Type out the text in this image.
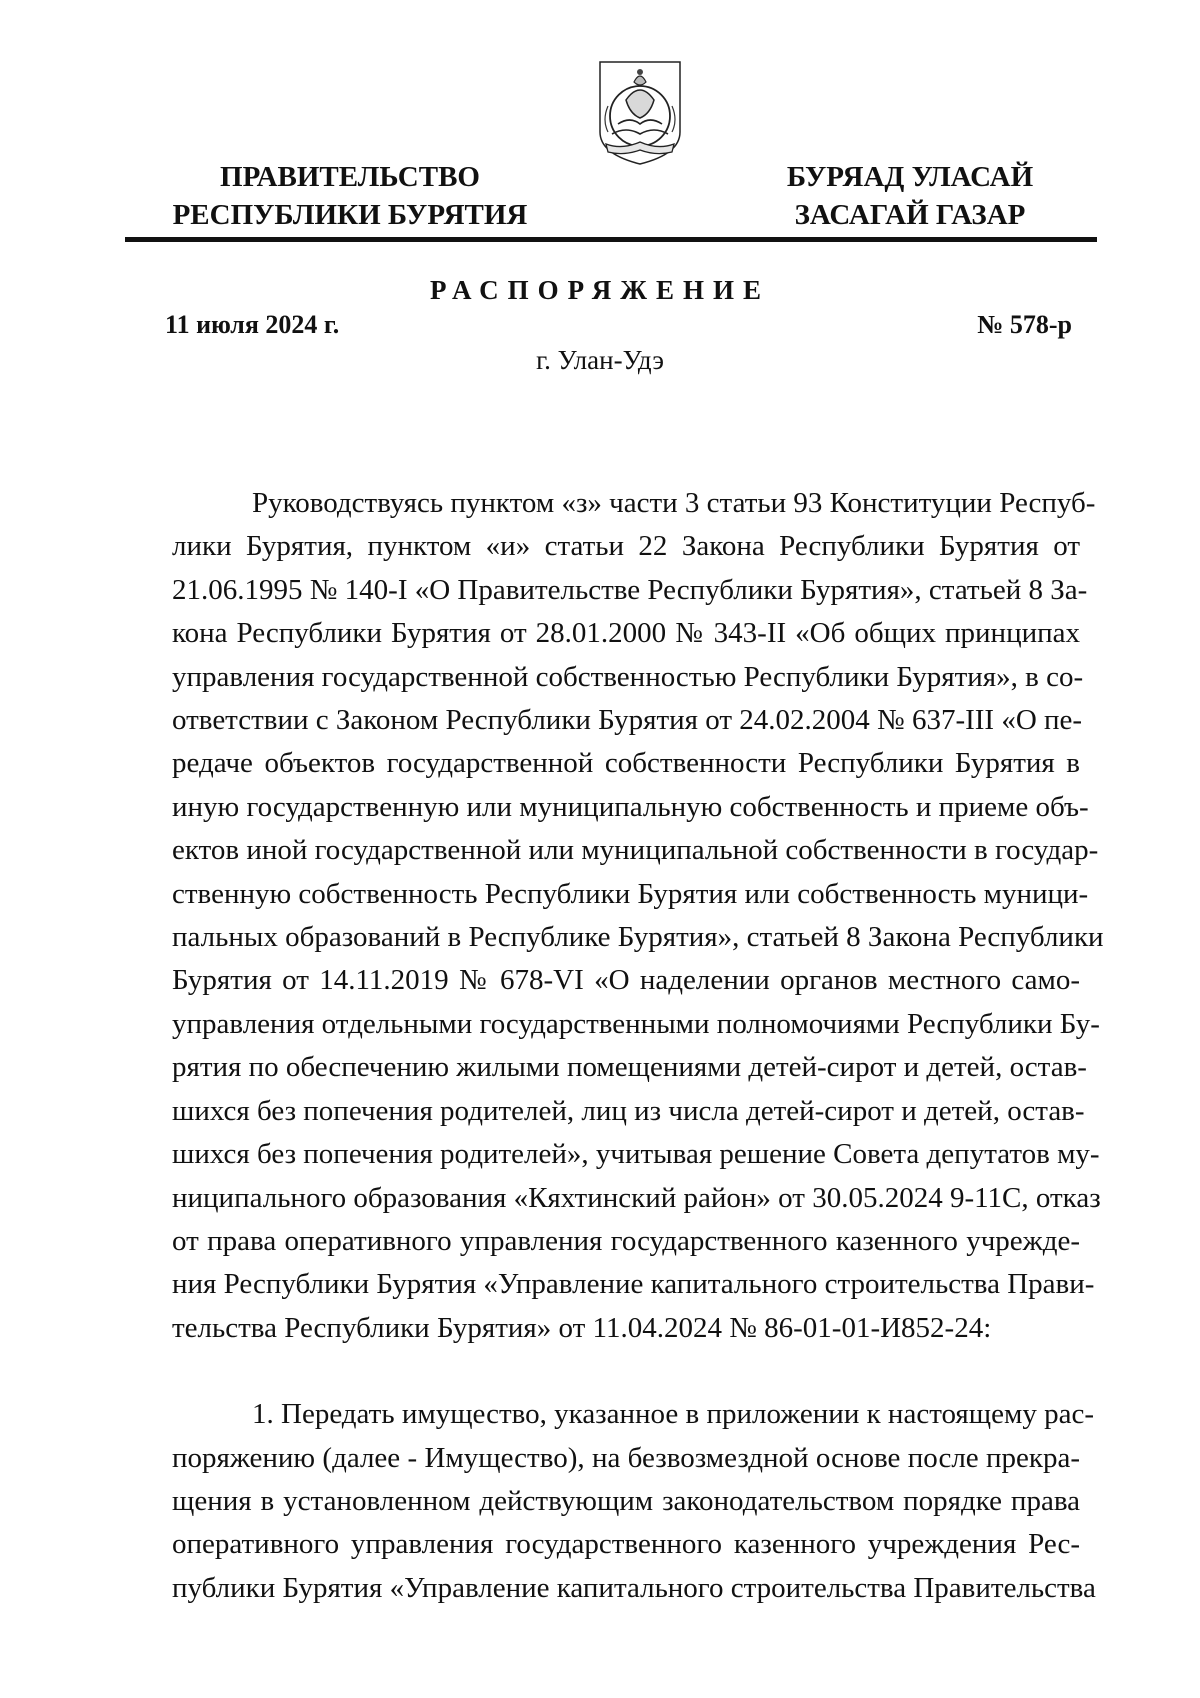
ПРАВИТЕЛЬСТВО
РЕСПУБЛИКИ БУРЯТИЯ
БУРЯАД УЛАСАЙ
ЗАСАГАЙ ГАЗАР
РАСПОРЯЖЕНИЕ
11 июля 2024 г.	№ 578-р
г. Улан-Удэ
Руководствуясь пунктом «з» части 3 статьи 93 Конституции Респуб-
лики Бурятия, пунктом «и» статьи 22 Закона Республики Бурятия от
21.06.1995 № 140-I «О Правительстве Республики Бурятия», статьей 8 За-
кона Республики Бурятия от 28.01.2000 № 343-II «Об общих принципах
управления государственной собственностью Республики Бурятия», в со-
ответствии с Законом Республики Бурятия от 24.02.2004 № 637-III «О пе-
редаче объектов государственной собственности Республики Бурятия в
иную государственную или муниципальную собственность и приеме объ-
ектов иной государственной или муниципальной собственности в государ-
ственную собственность Республики Бурятия или собственность муници-
пальных образований в Республике Бурятия», статьей 8 Закона Республики
Бурятия от 14.11.2019 № 678-VI «О наделении органов местного само-
управления отдельными государственными полномочиями Республики Бу-
рятия по обеспечению жилыми помещениями детей-сирот и детей, остав-
шихся без попечения родителей, лиц из числа детей-сирот и детей, остав-
шихся без попечения родителей», учитывая решение Совета депутатов му-
ниципального образования «Кяхтинский район» от 30.05.2024 9-11С, отказ
от права оперативного управления государственного казенного учрежде-
ния Республики Бурятия «Управление капитального строительства Прави-
тельства Республики Бурятия» от 11.04.2024 № 86-01-01-И852-24:
1. Передать имущество, указанное в приложении к настоящему рас-
поряжению (далее - Имущество), на безвозмездной основе после прекра-
щения в установленном действующим законодательством порядке права
оперативного управления государственного казенного учреждения Рес-
публики Бурятия «Управление капитального строительства Правительства
